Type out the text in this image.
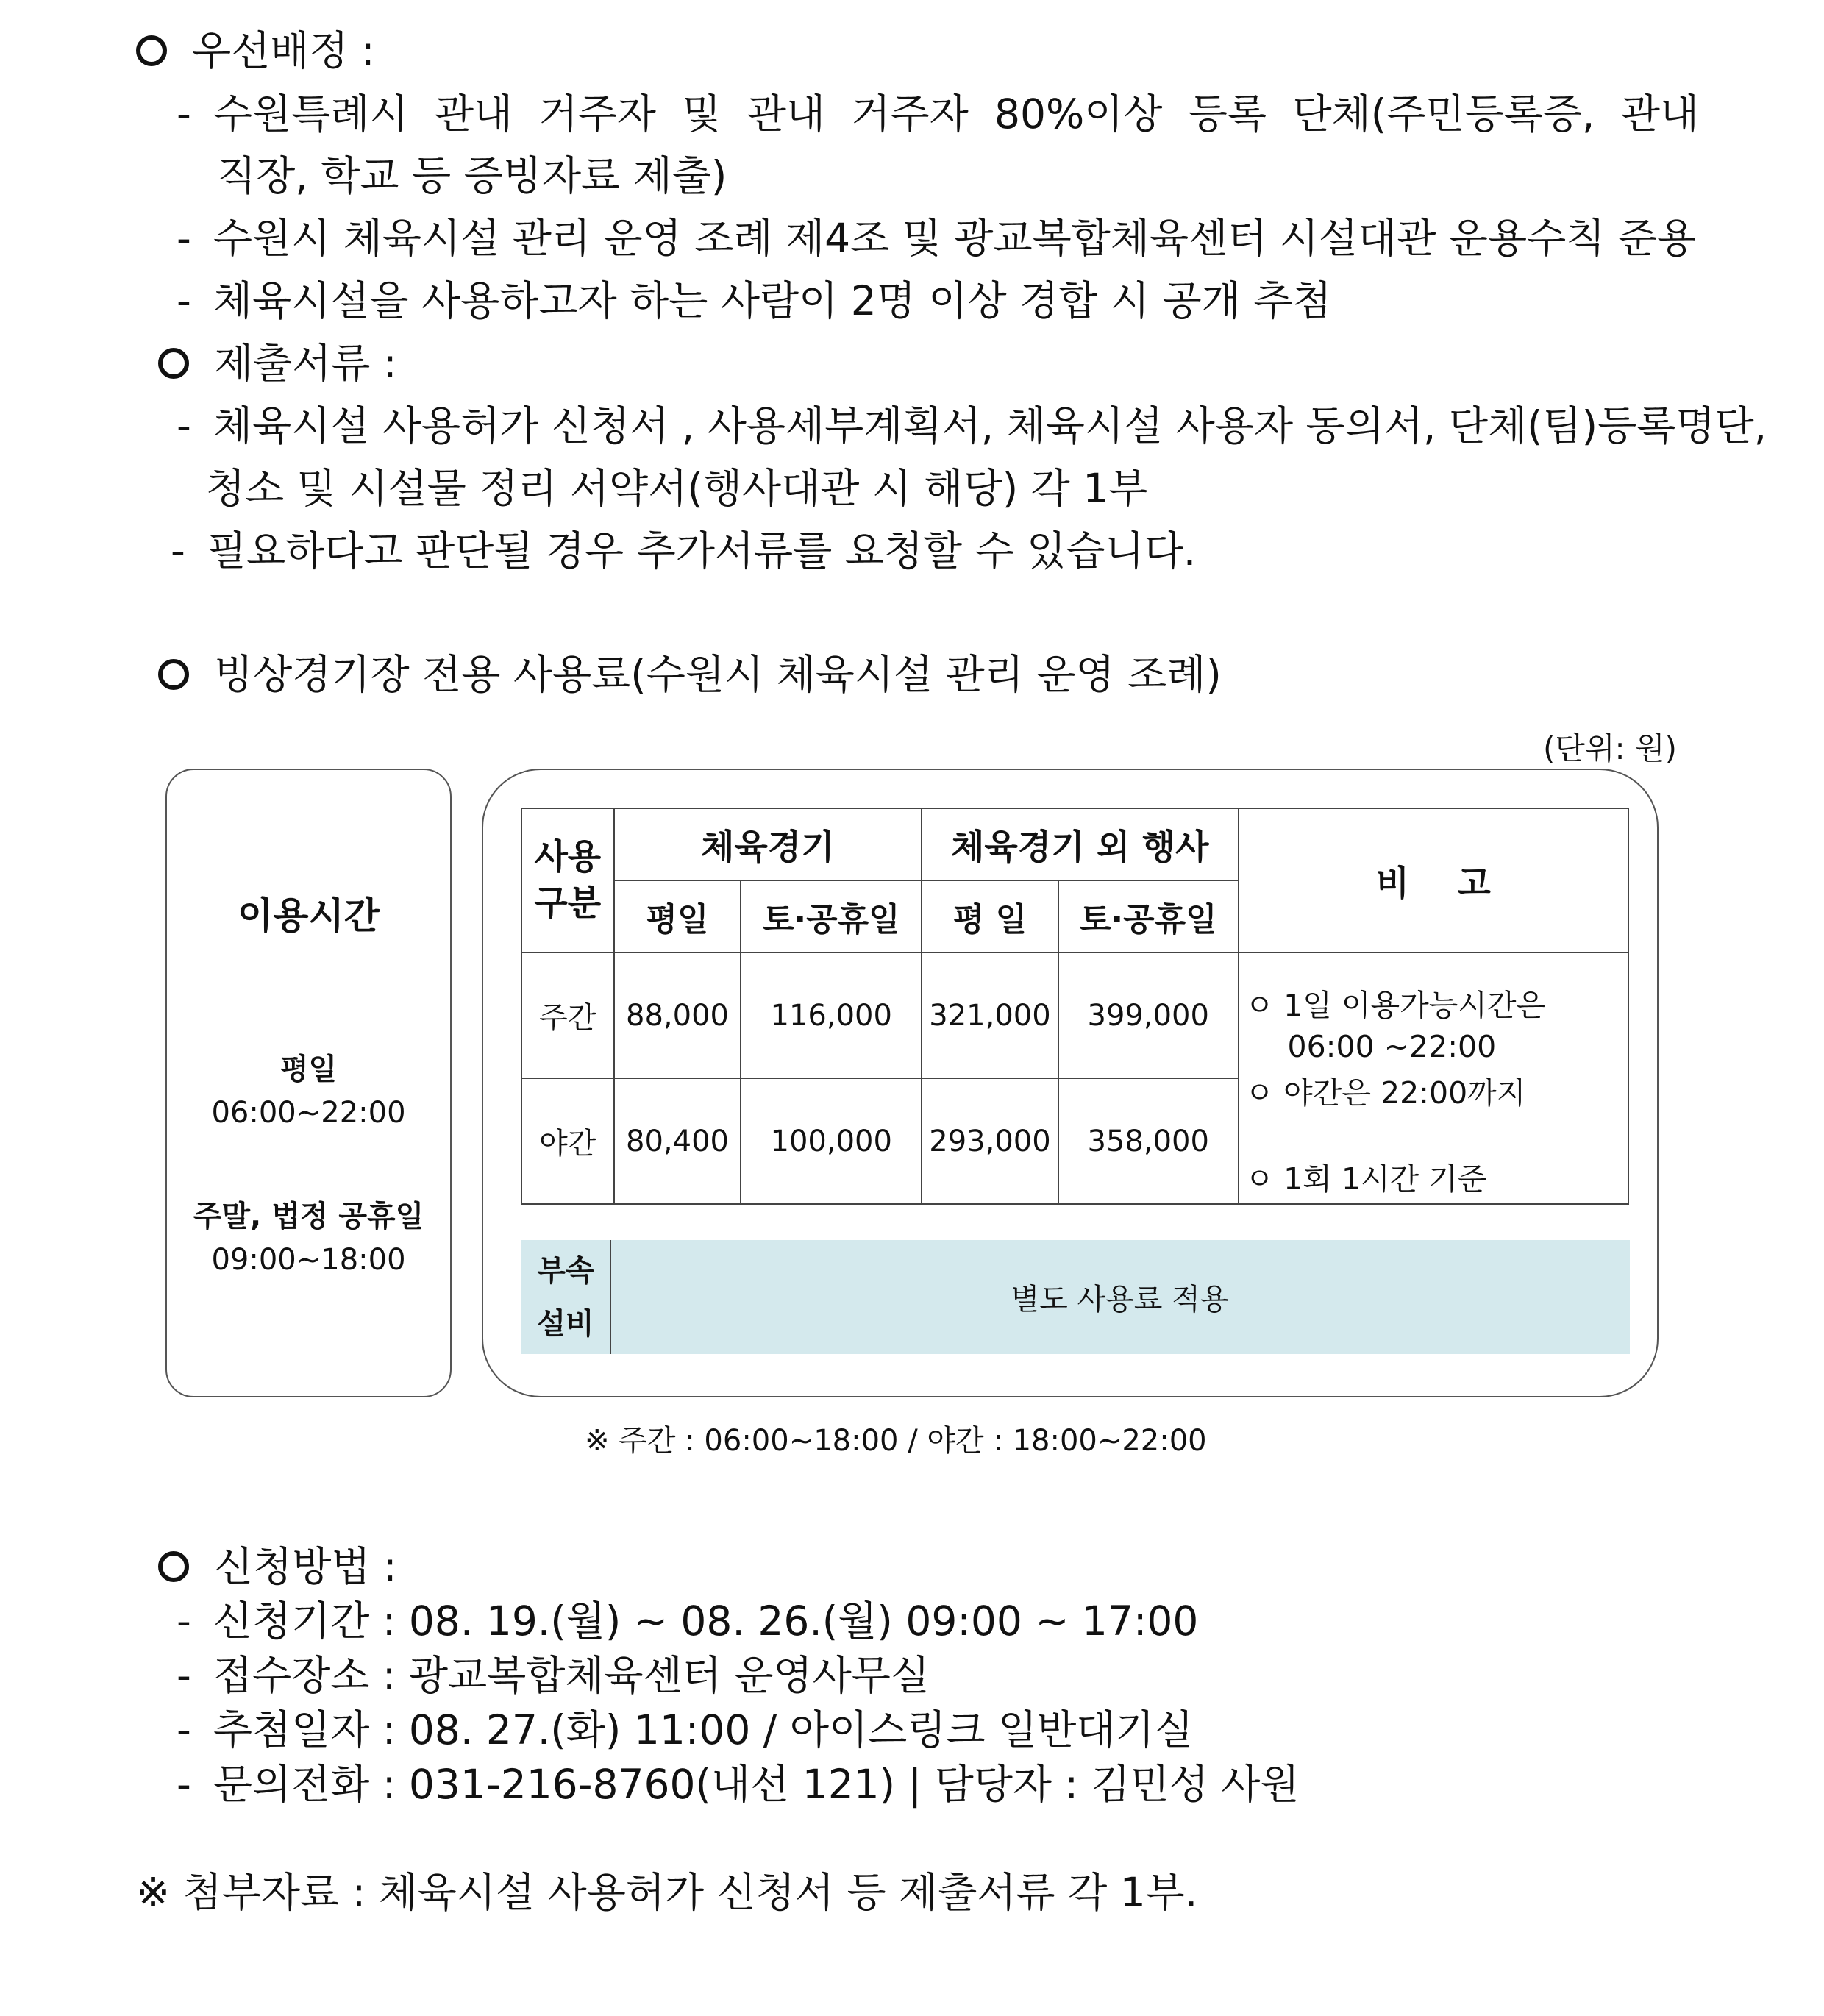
우선배정 :
- 수원특례시 관내 거주자 및 관내 거주자 80%이상 등록 단체(주민등록증, 관내
직장, 학교 등 증빙자료 제출)
- 수원시 체육시설 관리 운영 조례 제4조 및 광교복합체육센터 시설대관 운용수칙 준용
- 체육시설을 사용하고자 하는 사람이 2명 이상 경합 시 공개 추첨
제출서류 :
- 체육시설 사용허가 신청서 , 사용세부계획서, 체육시설 사용자 동의서, 단체(팀)등록명단,
청소 및 시설물 정리 서약서(행사대관 시 해당) 각 1부
- 필요하다고 판단될 경우 추가서류를 요청할 수 있습니다.
빙상경기장 전용 사용료(수원시 체육시설 관리 운영 조례)
(단위: 원)
이용시간
평일
06:00~22:00
주말, 법정 공휴일
09:00~18:00
사용
구분	체육경기		체육경기 외 행사		비    고
	평일	토·공휴일	평 일	토·공휴일	
주간	88,000	116,000	321,000	399,000	ㅇ 1일 이용가능시간은
06:00 ~22:00
ㅇ 야간은 22:00까지
ㅇ 1회 1시간 기준

야간	80,400	100,000	293,000	358,000	
부속
설비
별도 사용료 적용
※ 주간 : 06:00~18:00 / 야간 : 18:00~22:00
신청방법 :
- 신청기간 : 08. 19.(월) ~ 08. 26.(월) 09:00 ~ 17:00
- 접수장소 : 광교복합체육센터 운영사무실
- 추첨일자 : 08. 27.(화) 11:00 / 아이스링크 일반대기실
- 문의전화 : 031-216-8760(내선 121) | 담당자 : 김민성 사원
※ 첨부자료 : 체육시설 사용허가 신청서 등 제출서류 각 1부.
